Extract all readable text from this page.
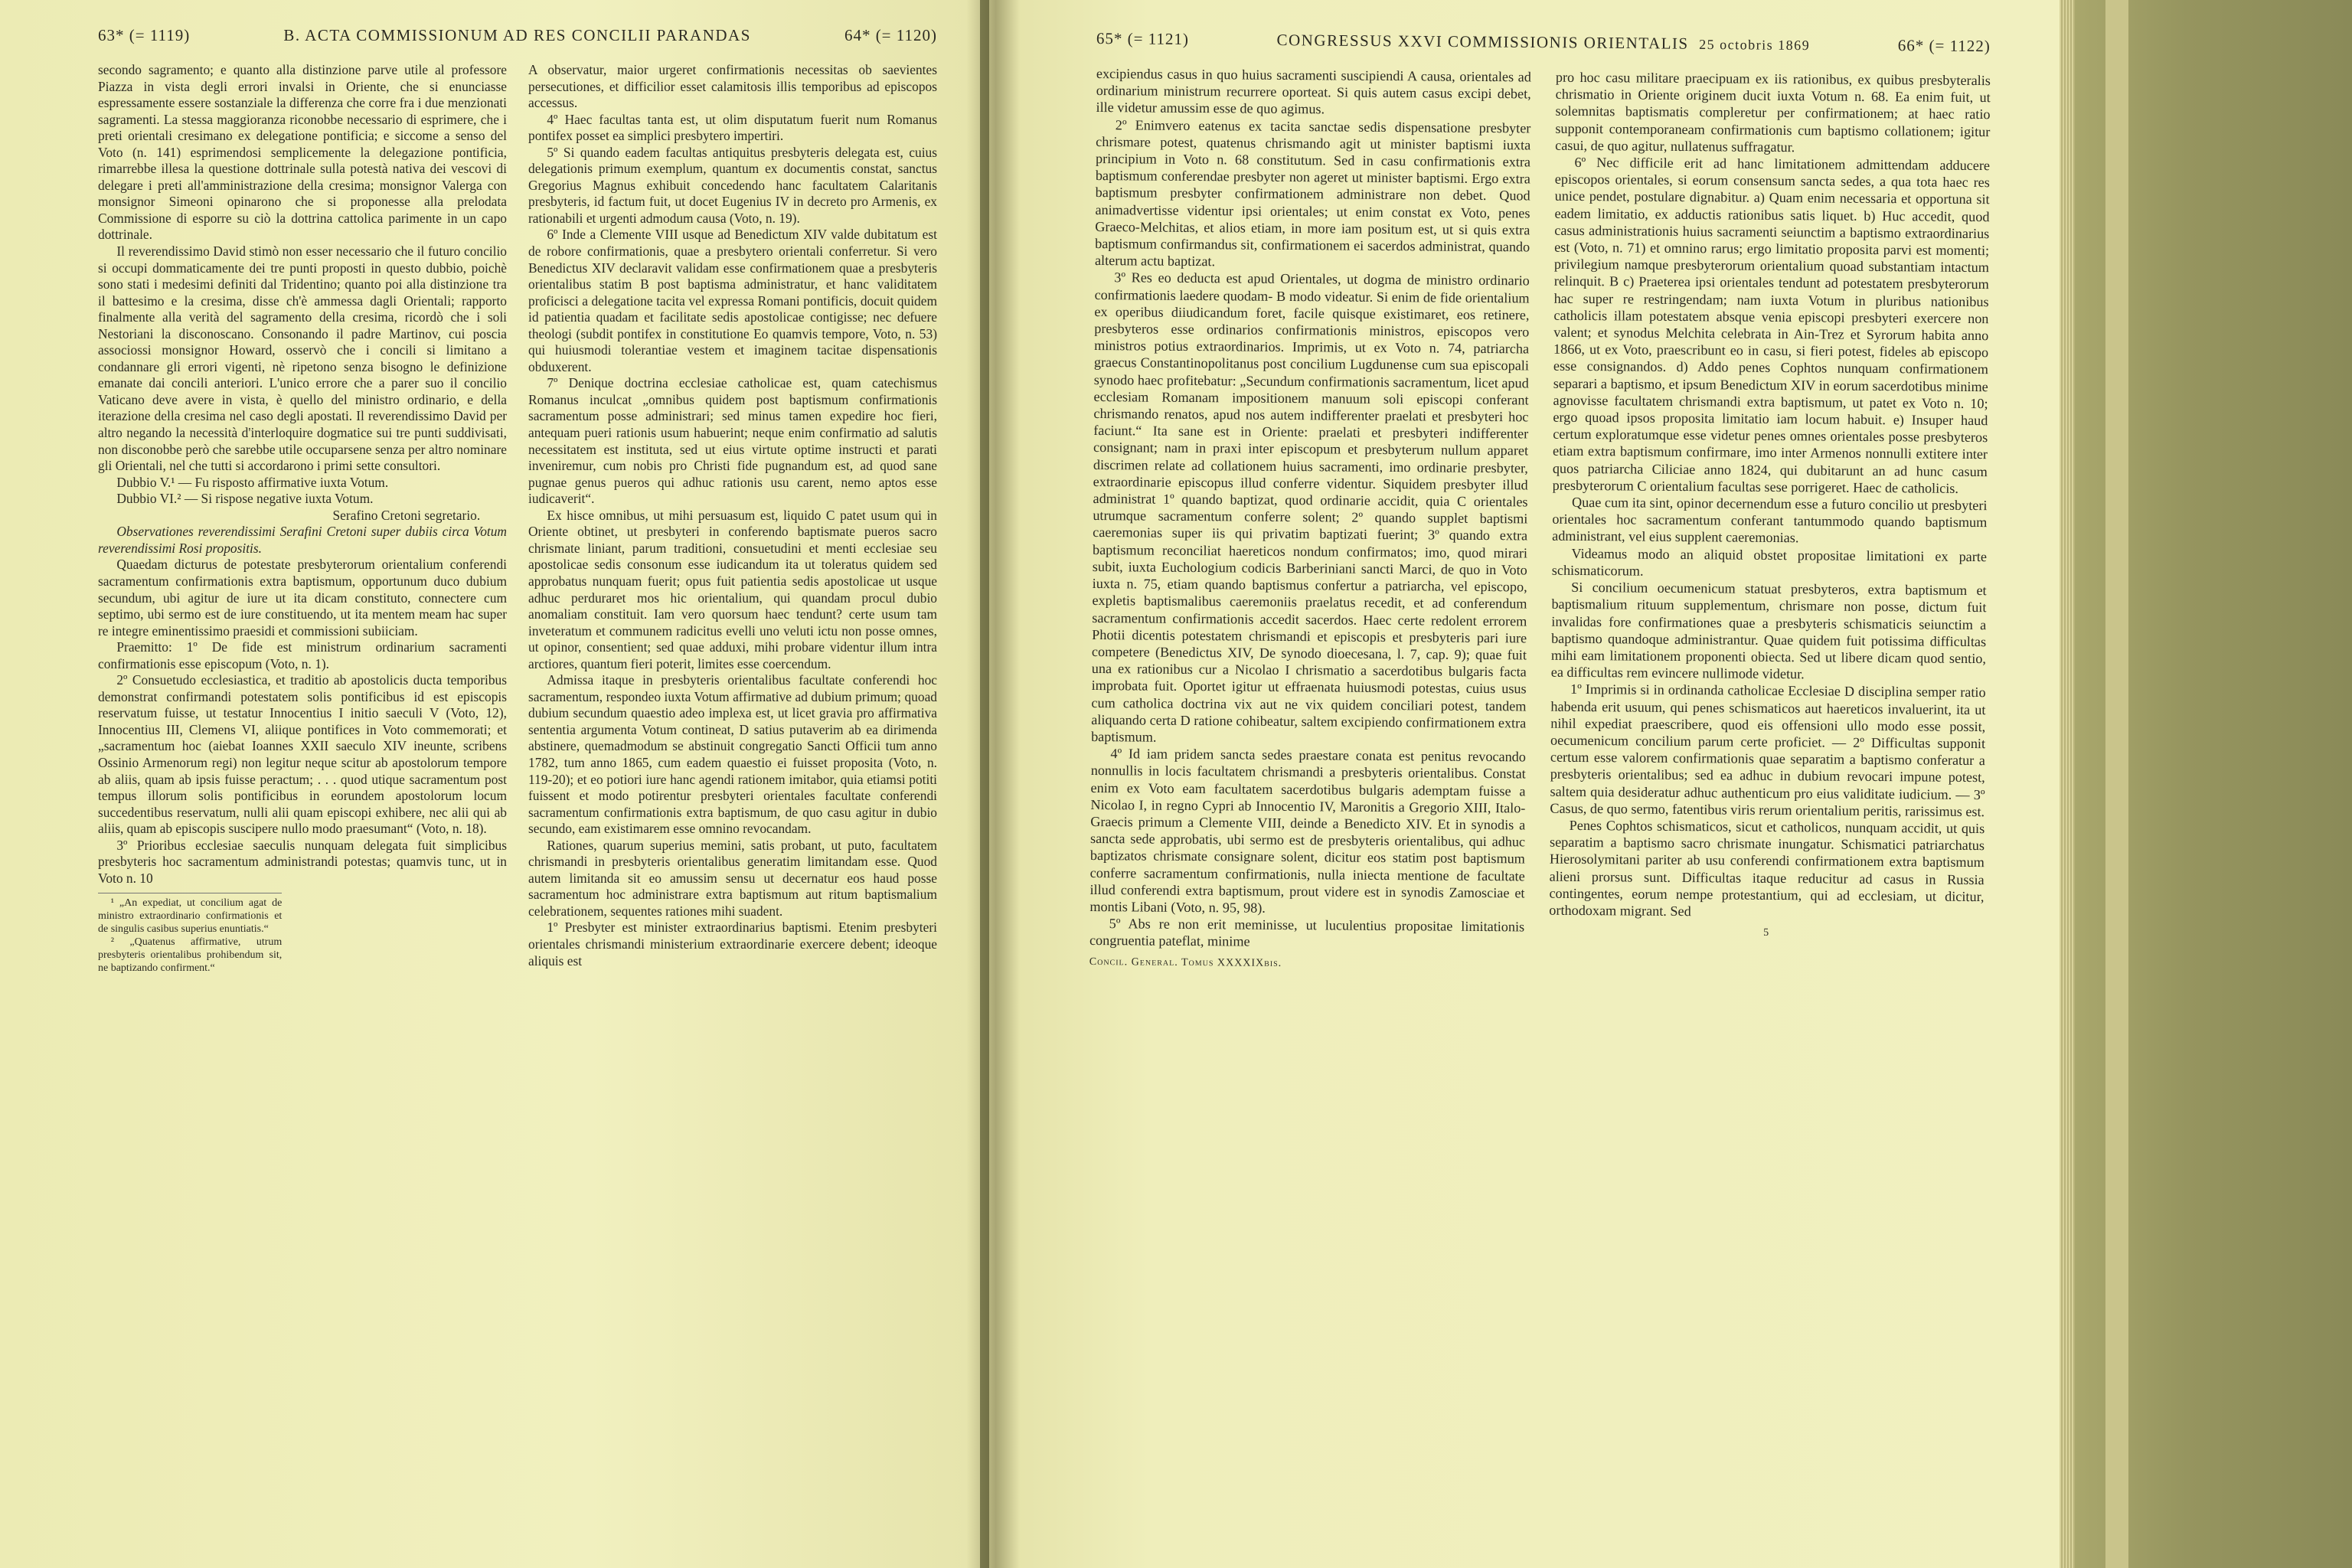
63* (= 1119)	B. ACTA COMMISSIONUM AD RES CONCILII PARANDAS	64* (= 1120)

secondo sagramento; e quanto alla distinzione parve utile al professore Piazza in vista degli errori invalsi in Oriente, che si enunciasse espressamente essere sostanziale la differenza che corre fra i due menzionati sagramenti. La stessa maggioranza riconobbe necessario di esprimere, che i preti orientali cresimano ex delegatione pontificia; e siccome a senso del Voto (n. 141) esprimendosi semplicemente la delegazione pontificia, rimarrebbe illesa la questione dottrinale sulla potestà nativa dei vescovi di delegare i preti all'amministrazione della cresima; monsignor Valerga con monsignor Simeoni opinarono che si proponesse alla prelodata Commissione di esporre su ciò la dottrina cattolica parimente in un capo dottrinale.

Il reverendissimo David stimò non esser necessario che il futuro concilio si occupi dommaticamente dei tre punti proposti in questo dubbio, poichè sono stati i medesimi definiti dal Tridentino; quanto poi alla distinzione tra il battesimo e la cresima, disse ch'è ammessa dagli Orientali; rapporto finalmente alla verità del sagramento della cresima, ricordò che i soli Nestoriani la disconoscano. Consonando il padre Martinov, cui poscia associossi monsignor Howard, osservò che i concili si limitano a condannare gli errori vigenti, nè ripetono senza bisogno le definizione emanate dai concili anteriori. L'unico errore che a parer suo il concilio Vaticano deve avere in vista, è quello del ministro ordinario, e della iterazione della cresima nel caso degli apostati. Il reverendissimo David per altro negando la necessità d'interloquire dogmatice sui tre punti suddivisati, non disconobbe però che sarebbe utile occuparsene senza per altro nominare gli Orientali, nel che tutti si accordarono i primi sette consultori.

Dubbio V.¹ — Fu risposto affirmative iuxta Votum.

Dubbio VI.² — Si rispose negative iuxta Votum.

Serafino Cretoni segretario.

Observationes reverendissimi Serafini Cretoni super dubiis circa Votum reverendissimi Rosi propositis.

Quaedam dicturus de potestate presbyterorum orientalium conferendi sacramentum confirmationis extra baptismum, opportunum duco dubium secundum, ubi agitur de iure ut ita dicam constituto, connectere cum septimo, ubi sermo est de iure constituendo, ut ita mentem meam hac super re integre eminentissimo praesidi et commissioni subiiciam.

Praemitto: 1º De fide est ministrum ordinarium sacramenti confirmationis esse episcopum (Voto, n. 1).

2º Consuetudo ecclesiastica, et traditio ab apostolicis ducta temporibus demonstrat confirmandi potestatem solis pontificibus id est episcopis reservatum fuisse, ut testatur Innocentius I initio saeculi V (Voto, 12), Innocentius III, Clemens VI, aliique pontifices in Voto commemorati; et „sacramentum hoc (aiebat Ioannes XXII saeculo XIV ineunte, scribens Ossinio Armenorum regi) non legitur neque scitur ab apostolorum tempore ab aliis, quam ab ipsis fuisse peractum; . . . quod utique sacramentum post tempus illorum solis pontificibus in eorundem apostolorum locum succedentibus reservatum, nulli alii quam episcopi exhibere, nec alii qui ab aliis, quam ab episcopis suscipere nullo modo praesumant“ (Voto, n. 18).

3º Prioribus ecclesiae saeculis nunquam delegata fuit simplicibus presbyteris hoc sacramentum administrandi potestas; quamvis tunc, ut in Voto n. 10

¹ „An expediat, ut concilium agat de ministro extraordinario confirmationis et de singulis casibus superius enuntiatis.“

² „Quatenus affirmative, utrum presbyteris orientalibus prohibendum sit, ne baptizando confirment.“

A observatur, maior urgeret confirmationis necessitas ob saevientes persecutiones, et difficilior esset calamitosis illis temporibus ad episcopos accessus.

4º Haec facultas tanta est, ut olim disputatum fuerit num Romanus pontifex posset ea simplici presbytero impertiri.

5º Si quando eadem facultas antiquitus presbyteris delegata est, cuius delegationis primum exemplum, quantum ex documentis constat, sanctus Gregorius Magnus exhibuit concedendo hanc facultatem Calaritanis presbyteris, id factum fuit, ut docet Eugenius IV in decreto pro Armenis, ex rationabili et urgenti admodum causa (Voto, n. 19).

6º Inde a Clemente VIII usque ad Benedictum XIV valde dubitatum est de robore confirmationis, quae a presbytero orientali conferretur. Si vero Benedictus XIV declaravit validam esse confirmationem quae a presbyteris orientalibus statim B post baptisma administratur, et hanc validitatem proficisci a delegatione tacita vel expressa Romani pontificis, docuit quidem id patientia quadam et facilitate sedis apostolicae contigisse; nec defuere theologi (subdit pontifex in constitutione Eo quamvis tempore, Voto, n. 53) qui huiusmodi tolerantiae vestem et imaginem tacitae dispensationis obduxerent.

7º Denique doctrina ecclesiae catholicae est, quam catechismus Romanus inculcat „omnibus quidem post baptismum confirmationis sacramentum posse administrari; sed minus tamen expedire hoc fieri, antequam pueri rationis usum habuerint; neque enim confirmatio ad salutis necessitatem est instituta, sed ut eius virtute optime instructi et parati inveniremur, cum nobis pro Christi fide pugnandum est, ad quod sane pugnae genus pueros qui adhuc rationis usu carent, nemo aptos esse iudicaverit“.

Ex hisce omnibus, ut mihi persuasum est, liquido C patet usum qui in Oriente obtinet, ut presbyteri in conferendo baptismate pueros sacro chrismate liniant, parum traditioni, consuetudini et menti ecclesiae seu apostolicae sedis consonum esse iudicandum ita ut toleratus quidem sed approbatus nunquam fuerit; opus fuit patientia sedis apostolicae ut usque adhuc perduraret mos hic orientalium, qui quandam procul dubio anomaliam constituit. Iam vero quorsum haec tendunt? certe usum tam inveteratum et communem radicitus evelli uno veluti ictu non posse omnes, ut opinor, consentient; sed quae adduxi, mihi probare videntur illum intra arctiores, quantum fieri poterit, limites esse coercendum.

Admissa itaque in presbyteris orientalibus facultate conferendi hoc sacramentum, respondeo iuxta Votum affirmative ad dubium primum; quoad dubium secundum quaestio adeo implexa est, ut licet gravia pro affirmativa sententia argumenta Votum contineat, D satius putaverim ab ea dirimenda abstinere, quemadmodum se abstinuit congregatio Sancti Officii tum anno 1782, tum anno 1865, cum eadem quaestio ei fuisset proposita (Voto, n. 119-20); et eo potiori iure hanc agendi rationem imitabor, quia etiamsi potiti fuissent et modo potirentur presbyteri orientales facultate conferendi sacramentum confirmationis extra baptismum, de quo casu agitur in dubio secundo, eam existimarem esse omnino revocandam.

Rationes, quarum superius memini, satis probant, ut puto, facultatem chrismandi in presbyteris orientalibus generatim limitandam esse. Quod autem limitanda sit eo amussim sensu ut decernatur eos haud posse sacramentum hoc administrare extra baptismum aut ritum baptismalium celebrationem, sequentes rationes mihi suadent.

1º Presbyter est minister extraordinarius baptismi. Etenim presbyteri orientales chrismandi ministerium extraordinarie exercere debent; ideoque aliquis est

65* (= 1121)	CONGRESSUS XXVI COMMISSIONIS ORIENTALIS 25 octobris 1869	66* (= 1122)

excipiendus casus in quo huius sacramenti suscipiendi A causa, orientales ad ordinarium ministrum recurrere oporteat. Si quis autem casus excipi debet, ille videtur amussim esse de quo agimus.

2º Enimvero eatenus ex tacita sanctae sedis dispensatione presbyter chrismare potest, quatenus chrismando agit ut minister baptismi iuxta principium in Voto n. 68 constitutum. Sed in casu confirmationis extra baptismum conferendae presbyter non ageret ut minister baptismi. Ergo extra baptismum presbyter confirmationem administrare non debet. Quod animadvertisse videntur ipsi orientales; ut enim constat ex Voto, penes Graeco-Melchitas, et alios etiam, in more iam positum est, ut si quis extra baptismum confirmandus sit, confirmationem ei sacerdos administrat, quando alterum actu baptizat.

3º Res eo deducta est apud Orientales, ut dogma de ministro ordinario confirmationis laedere quodam- B modo videatur. Si enim de fide orientalium ex operibus diiudicandum foret, facile quisque existimaret, eos retinere, presbyteros esse ordinarios confirmationis ministros, episcopos vero ministros potius extraordinarios. Imprimis, ut ex Voto n. 74, patriarcha graecus Constantinopolitanus post concilium Lugdunense cum sua episcopali synodo haec profitebatur: „Secundum confirmationis sacramentum, licet apud ecclesiam Romanam impositionem manuum soli episcopi conferant chrismando renatos, apud nos autem indifferenter praelati et presbyteri hoc faciunt.“ Ita sane est in Oriente: praelati et presbyteri indifferenter consignant; nam in praxi inter episcopum et presbyterum nullum apparet discrimen relate ad collationem huius sacramenti, imo ordinarie presbyter, extraordinarie episcopus illud conferre videntur. Siquidem presbyter illud administrat 1º quando baptizat, quod ordinarie accidit, quia C orientales utrumque sacramentum conferre solent; 2º quando supplet baptismi caeremonias super iis qui privatim baptizati fuerint; 3º quando extra baptismum reconciliat haereticos nondum confirmatos; imo, quod mirari subit, iuxta Euchologium codicis Barberiniani sancti Marci, de quo in Voto iuxta n. 75, etiam quando baptismus confertur a patriarcha, vel episcopo, expletis baptismalibus caeremoniis praelatus recedit, et ad conferendum sacramentum confirmationis accedit sacerdos. Haec certe redolent errorem Photii dicentis potestatem chrismandi et episcopis et presbyteris pari iure competere (Benedictus XIV, De synodo dioecesana, l. 7, cap. 9); quae fuit una ex rationibus cur a Nicolao I chrismatio a sacerdotibus bulgaris facta improbata fuit. Oportet igitur ut effraenata huiusmodi potestas, cuius usus cum catholica doctrina vix aut ne vix quidem conciliari potest, tandem aliquando certa D ratione cohibeatur, saltem excipiendo confirmationem extra baptismum.

4º Id iam pridem sancta sedes praestare conata est penitus revocando nonnullis in locis facultatem chrismandi a presbyteris orientalibus. Constat enim ex Voto eam facultatem sacerdotibus bulgaris ademptam fuisse a Nicolao I, in regno Cypri ab Innocentio IV, Maronitis a Gregorio XIII, Italo-Graecis primum a Clemente VIII, deinde a Benedicto XIV. Et in synodis a sancta sede approbatis, ubi sermo est de presbyteris orientalibus, qui adhuc baptizatos chrismate consignare solent, dicitur eos statim post baptismum conferre sacramentum confirmationis, nulla iniecta mentione de facultate illud conferendi extra baptismum, prout videre est in synodis Zamosciae et montis Libani (Voto, n. 95, 98).

5º Abs re non erit meminisse, ut luculentius propositae limitationis congruentia pateflat, minime

Concil. General. Tomus XXXXIXbis.

pro hoc casu militare praecipuam ex iis rationibus, ex quibus presbyteralis chrismatio in Oriente originem ducit iuxta Votum n. 68. Ea enim fuit, ut solemnitas baptismatis compleretur per confirmationem; at haec ratio supponit contemporaneam confirmationis cum baptismo collationem; igitur casui, de quo agitur, nullatenus suffragatur.

6º Nec difficile erit ad hanc limitationem admittendam adducere episcopos orientales, si eorum consensum sancta sedes, a qua tota haec res unice pendet, postulare dignabitur. a) Quam enim necessaria et opportuna sit eadem limitatio, ex adductis rationibus satis liquet. b) Huc accedit, quod casus administrationis huius sacramenti seiunctim a baptismo extraordinarius est (Voto, n. 71) et omnino rarus; ergo limitatio proposita parvi est momenti; privilegium namque presbyterorum orientalium quoad substantiam intactum relinquit. B c) Praeterea ipsi orientales tendunt ad potestatem presbyterorum hac super re restringendam; nam iuxta Votum in pluribus nationibus catholicis illam potestatem absque venia episcopi presbyteri exercere non valent; et synodus Melchita celebrata in Ain-Trez et Syrorum habita anno 1866, ut ex Voto, praescribunt eo in casu, si fieri potest, fideles ab episcopo esse consignandos. d) Addo penes Cophtos nunquam confirmationem separari a baptismo, et ipsum Benedictum XIV in eorum sacerdotibus minime agnovisse facultatem chrismandi extra baptismum, ut patet ex Voto n. 10; ergo quoad ipsos proposita limitatio iam locum habuit. e) Insuper haud certum exploratumque esse videtur penes omnes orientales posse presbyteros etiam extra baptismum confirmare, imo inter Armenos nonnulli extitere inter quos patriarcha Ciliciae anno 1824, qui dubitarunt an ad hunc casum presbyterorum C orientalium facultas sese porrigeret. Haec de catholicis.

Quae cum ita sint, opinor decernendum esse a futuro concilio ut presbyteri orientales hoc sacramentum conferant tantummodo quando baptismum administrant, vel eius supplent caeremonias.

Videamus modo an aliquid obstet propositae limitationi ex parte schismaticorum.

Si concilium oecumenicum statuat presbyteros, extra baptismum et baptismalium rituum supplementum, chrismare non posse, dictum fuit invalidas fore confirmationes quae a presbyteris schismaticis seiunctim a baptismo quandoque administrantur. Quae quidem fuit potissima difficultas mihi eam limitationem proponenti obiecta. Sed ut libere dicam quod sentio, ea difficultas rem evincere nullimode videtur.

1º Imprimis si in ordinanda catholicae Ecclesiae D disciplina semper ratio habenda erit usuum, qui penes schismaticos aut haereticos invaluerint, ita ut nihil expediat praescribere, quod eis offensioni ullo modo esse possit, oecumenicum concilium parum certe proficiet. — 2º Difficultas supponit certum esse valorem confirmationis quae separatim a baptismo conferatur a presbyteris orientalibus; sed ea adhuc in dubium revocari impune potest, saltem quia desideratur adhuc authenticum pro eius validitate iudicium. — 3º Casus, de quo sermo, fatentibus viris rerum orientalium peritis, rarissimus est.

Penes Cophtos schismaticos, sicut et catholicos, nunquam accidit, ut quis separatim a baptismo sacro chrismate inungatur. Schismatici patriarchatus Hierosolymitani pariter ab usu conferendi confirmationem extra baptismum alieni prorsus sunt. Difficultas itaque reducitur ad casus in Russia contingentes, eorum nempe protestantium, qui ad ecclesiam, ut dicitur, orthodoxam migrant. Sed

5
